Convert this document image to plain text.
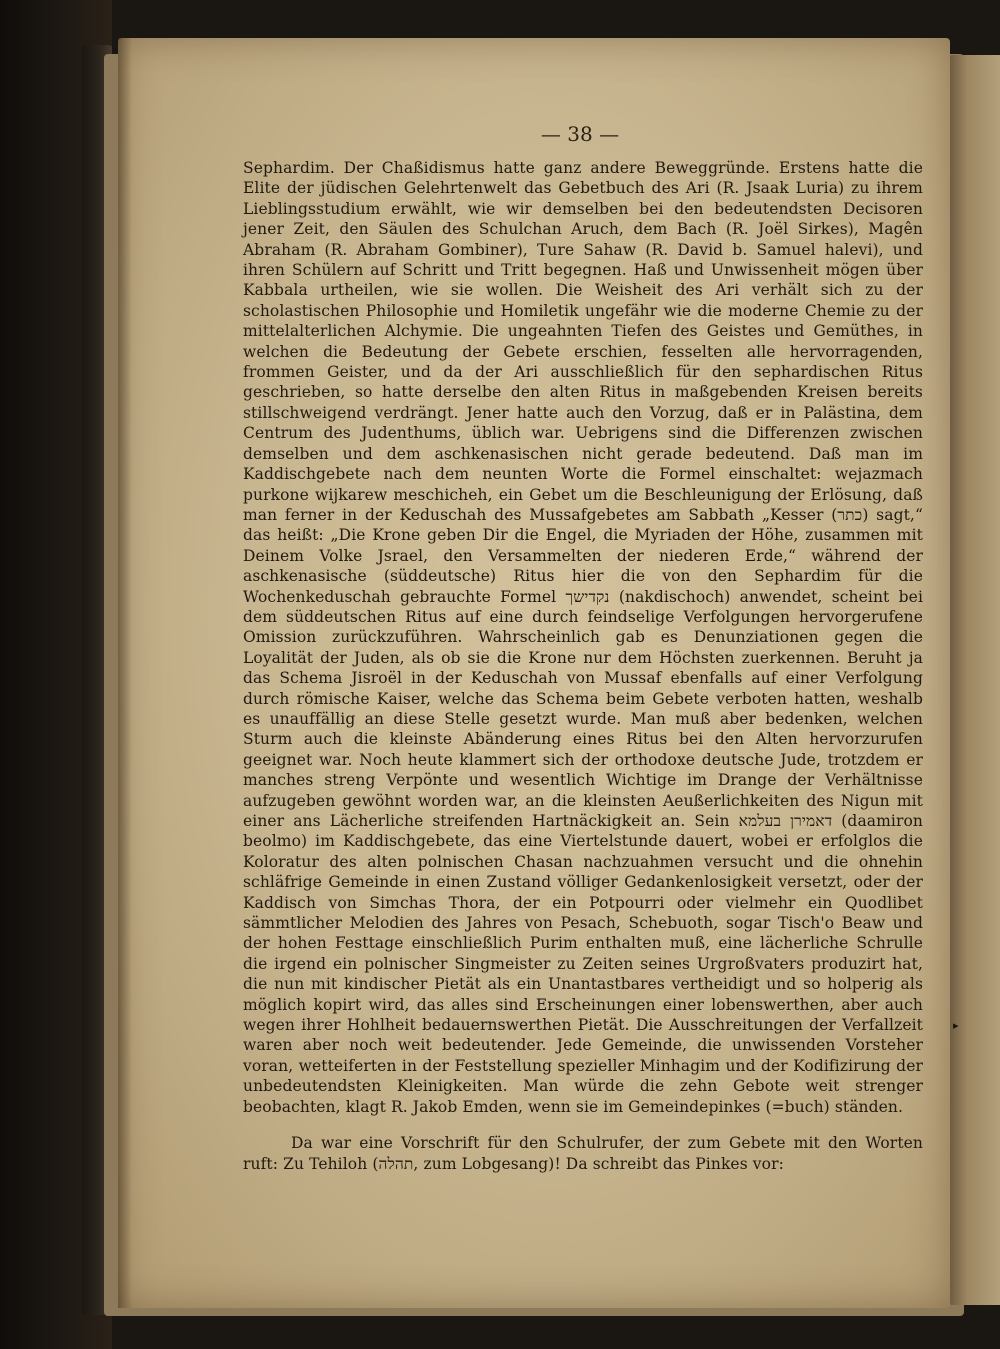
▸
— 38 —

Sephardim. Der Chaßidismus hatte ganz andere Beweggründe. Erstens hatte die Elite der jüdischen Gelehrtenwelt das Gebetbuch des Ari (R. Jsaak Luria) zu ihrem Lieblingsstudium erwählt, wie wir demselben bei den bedeutendsten Decisoren jener Zeit, den Säulen des Schulchan Aruch, dem Bach (R. Joël Sirkes), Magên Abraham (R. Abraham Gombiner), Ture Sahaw (R. David b. Samuel halevi), und ihren Schülern auf Schritt und Tritt begegnen. Haß und Unwissenheit mögen über Kabbala urtheilen, wie sie wollen. Die Weisheit des Ari verhält sich zu der scholastischen Philosophie und Homiletik ungefähr wie die moderne Chemie zu der mittelalterlichen Alchymie. Die ungeahnten Tiefen des Geistes und Gemüthes, in welchen die Bedeutung der Gebete erschien, fesselten alle hervorragenden, frommen Geister, und da der Ari ausschließlich für den sephardischen Ritus geschrieben, so hatte derselbe den alten Ritus in maßgebenden Kreisen bereits stillschweigend verdrängt. Jener hatte auch den Vorzug, daß er in Palästina, dem Centrum des Judenthums, üblich war. Uebrigens sind die Differenzen zwischen demselben und dem aschkenasischen nicht gerade bedeutend. Daß man im Kaddischgebete nach dem neunten Worte die Formel einschaltet: wejazmach purkone wijkarew meschicheh, ein Gebet um die Beschleunigung der Erlösung, daß man ferner in der Keduschah des Mussafgebetes am Sabbath „Kesser (כתר) sagt,“ das heißt: „Die Krone geben Dir die Engel, die Myriaden der Höhe, zusammen mit Deinem Volke Jsrael, den Versammelten der niederen Erde,“ während der aschkenasische (süddeutsche) Ritus hier die von den Sephardim für die Wochenkeduschah gebrauchte Formel נקדישך (nakdischoch) anwendet, scheint bei dem süddeutschen Ritus auf eine durch feindselige Verfolgungen hervorgerufene Omission zurückzuführen. Wahrscheinlich gab es Denunziationen gegen die Loyalität der Juden, als ob sie die Krone nur dem Höchsten zuerkennen. Beruht ja das Schema Jisroël in der Keduschah von Mussaf ebenfalls auf einer Verfolgung durch römische Kaiser, welche das Schema beim Gebete verboten hatten, weshalb es unauffällig an diese Stelle gesetzt wurde. Man muß aber bedenken, welchen Sturm auch die kleinste Abänderung eines Ritus bei den Alten hervorzurufen geeignet war. Noch heute klammert sich der orthodoxe deutsche Jude, trotzdem er manches streng Verpönte und wesentlich Wichtige im Drange der Verhältnisse aufzugeben gewöhnt worden war, an die kleinsten Aeußerlichkeiten des Nigun mit einer ans Lächerliche streifenden Hartnäckigkeit an. Sein דאמירן בעלמא (daamiron beolmo) im Kaddischgebete, das eine Viertelstunde dauert, wobei er erfolglos die Koloratur des alten polnischen Chasan nachzuahmen versucht und die ohnehin schläfrige Gemeinde in einen Zustand völliger Gedankenlosigkeit versetzt, oder der Kaddisch von Simchas Thora, der ein Potpourri oder vielmehr ein Quodlibet sämmtlicher Melodien des Jahres von Pesach, Schebuoth, sogar Tisch'o Beaw und der hohen Festtage einschließlich Purim enthalten muß, eine lächerliche Schrulle die irgend ein polnischer Singmeister zu Zeiten seines Urgroßvaters produzirt hat, die nun mit kindischer Pietät als ein Unantastbares vertheidigt und so holperig als möglich kopirt wird, das alles sind Erscheinungen einer lobenswerthen, aber auch wegen ihrer Hohlheit bedauernswerthen Pietät. Die Ausschreitungen der Verfallzeit waren aber noch weit bedeutender. Jede Gemeinde, die unwissenden Vorsteher voran, wetteiferten in der Feststellung spezieller Minhagim und der Kodifizirung der unbedeutendsten Kleinigkeiten. Man würde die zehn Gebote weit strenger beobachten, klagt R. Jakob Emden, wenn sie im Gemeindepinkes (=buch) ständen.

Da war eine Vorschrift für den Schulrufer, der zum Gebete mit den Worten ruft: Zu Tehiloh (תהלה, zum Lobgesang)! Da schreibt das Pinkes vor:
